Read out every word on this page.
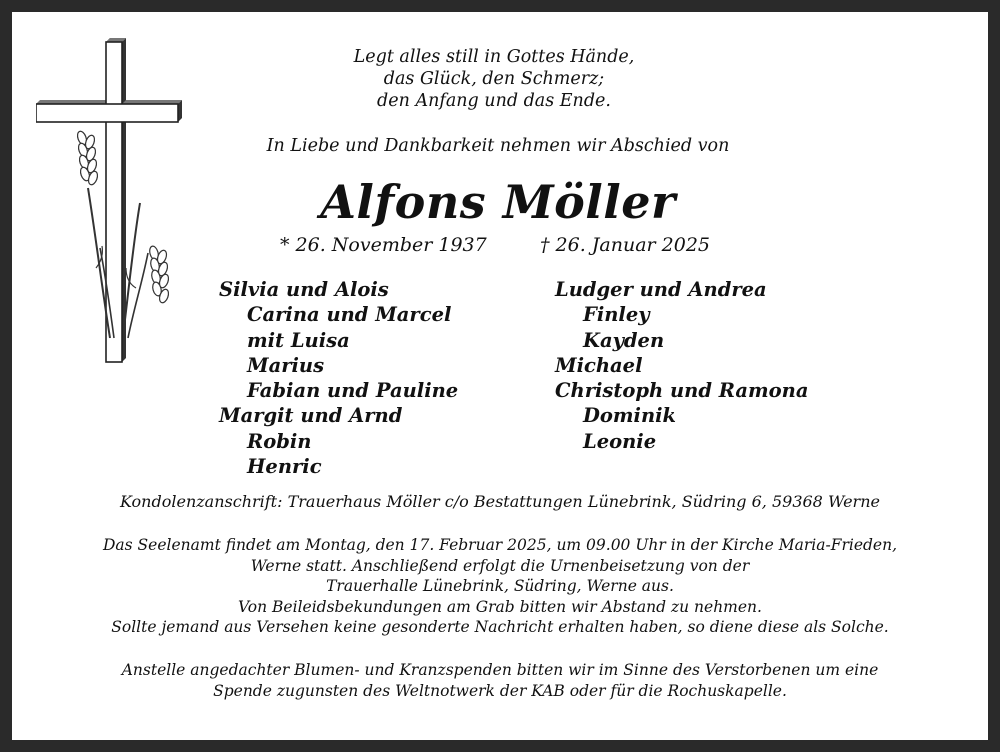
Legt alles still in Gottes Hände,
das Glück, den Schmerz;
den Anfang und das Ende.
In Liebe und Dankbarkeit nehmen wir Abschied von
Alfons Möller
* 26. November 1937	† 26. Januar 2025
Silvia und Alois
Carina und Marcel
mit Luisa
Marius
Fabian und Pauline
Margit und Arnd
Robin
Henric
Ludger und Andrea
Finley
Kayden
Michael
Christoph und Ramona
Dominik
Leonie
Kondolenzanschrift: Trauerhaus Möller c/o Bestattungen Lünebrink, Südring 6, 59368 Werne
Das Seelenamt findet am Montag, den 17. Februar 2025, um 09.00 Uhr in der Kirche Maria-Frieden,
Werne statt. Anschließend erfolgt die Urnenbeisetzung von der
Trauerhalle Lünebrink, Südring, Werne aus.
Von Beileidsbekundungen am Grab bitten wir Abstand zu nehmen.
Sollte jemand aus Versehen keine gesonderte Nachricht erhalten haben, so diene diese als Solche.
Anstelle angedachter Blumen- und Kranzspenden bitten wir im Sinne des Verstorbenen um eine
Spende zugunsten des Weltnotwerk der KAB oder für die Rochuskapelle.
